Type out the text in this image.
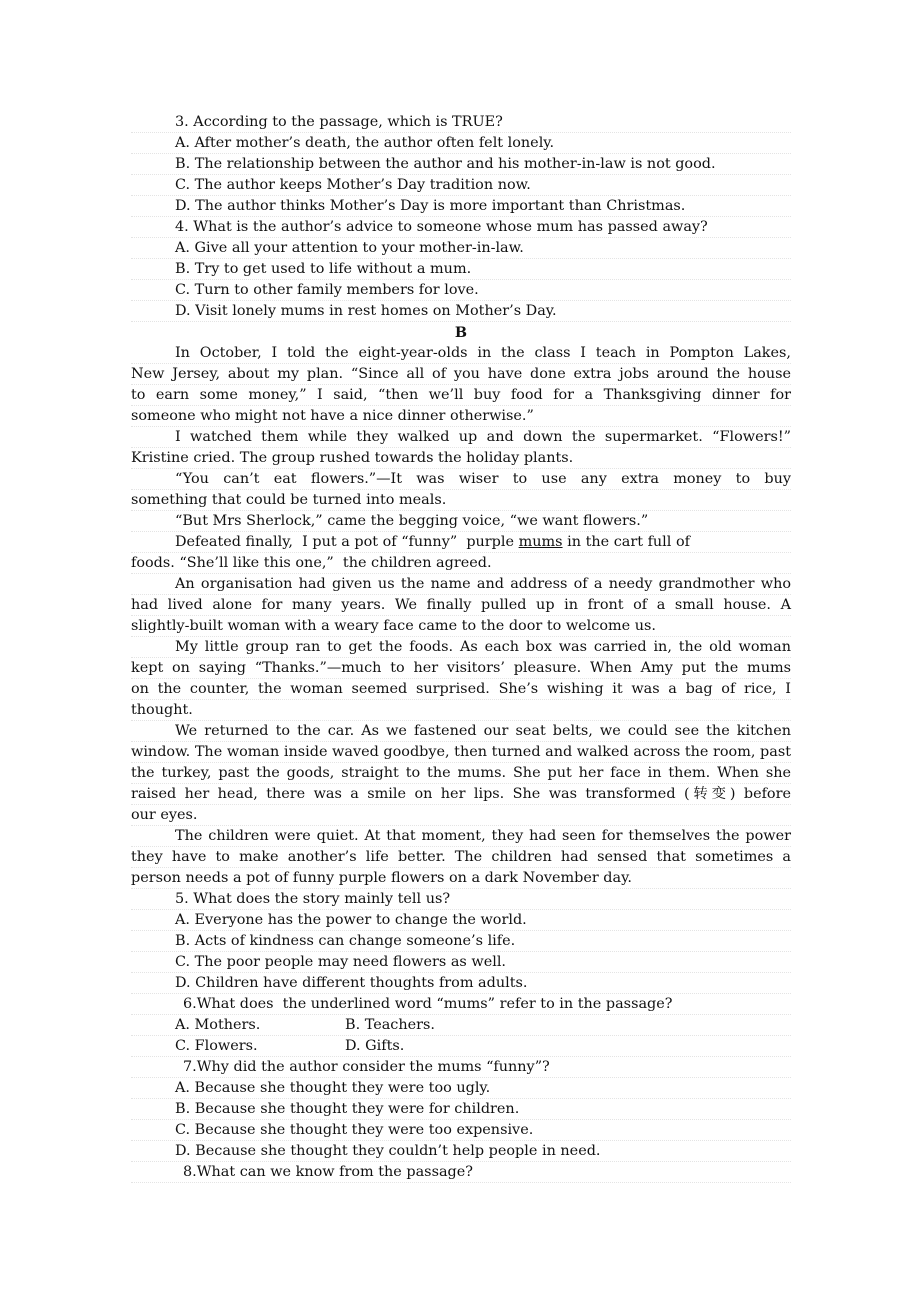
3. According to the passage, which is TRUE?
A. After mother’s death, the author often felt lonely.
B. The relationship between the author and his mother-in-law is not good.
C. The author keeps Mother’s Day tradition now.
D. The author thinks Mother’s Day is more important than Christmas.
4. What is the author’s advice to someone whose mum has passed away?
A. Give all your attention to your mother-in-law.
B. Try to get used to life without a mum.
C. Turn to other family members for love.
D. Visit lonely mums in rest homes on Mother’s Day.
B
In October, I told the eight-year-olds in the class I teach in Pompton Lakes,
New Jersey, about my plan. “Since all of you have done extra jobs around the house
to earn some money,” I said, “then we’ll buy food for a Thanksgiving dinner for
someone who might not have a nice dinner otherwise.”
I watched them while they walked up and down the supermarket. “Flowers!”
Kristine cried. The group rushed towards the holiday plants.
“You can’t eat flowers.”—It was wiser to use any extra money to buy
something that could be turned into meals.
“But Mrs Sherlock,” came the begging voice, “we want flowers.”
Defeated finally,  I put a pot of “funny”  purple mums in the cart full of
foods. “She’ll like this one,”  the children agreed.
An organisation had given us the name and address of a needy grandmother who
had lived alone for many years. We finally pulled up in front of a small house. A
slightly-built woman with a weary face came to the door to welcome us.
My little group ran to get the foods. As each box was carried in, the old woman
kept on saying “Thanks.”—much to her visitors’ pleasure. When Amy put the mums
on the counter, the woman seemed surprised. She’s wishing it was a bag of rice, I
thought.
We returned to the car. As we fastened our seat belts, we could see the kitchen
window. The woman inside waved goodbye, then turned and walked across the room, past
the turkey, past the goods, straight to the mums. She put her face in them. When she
raised her head, there was a smile on her lips. She was transformed (转变) before
our eyes.
The children were quiet. At that moment, they had seen for themselves the power
they have to make another’s life better. The children had sensed that sometimes a
person needs a pot of funny purple flowers on a dark November day.
5. What does the story mainly tell us?
A. Everyone has the power to change the world.
B. Acts of kindness can change someone’s life.
C. The poor people may need flowers as well.
D. Children have different thoughts from adults.
6.What does  the underlined word “mums” refer to in the passage?
A. Mothers.	B. Teachers.
C. Flowers.	D. Gifts.
7.Why did the author consider the mums “funny”?
A. Because she thought they were too ugly.
B. Because she thought they were for children.
C. Because she thought they were too expensive.
D. Because she thought they couldn’t help people in need.
8.What can we know from the passage?
